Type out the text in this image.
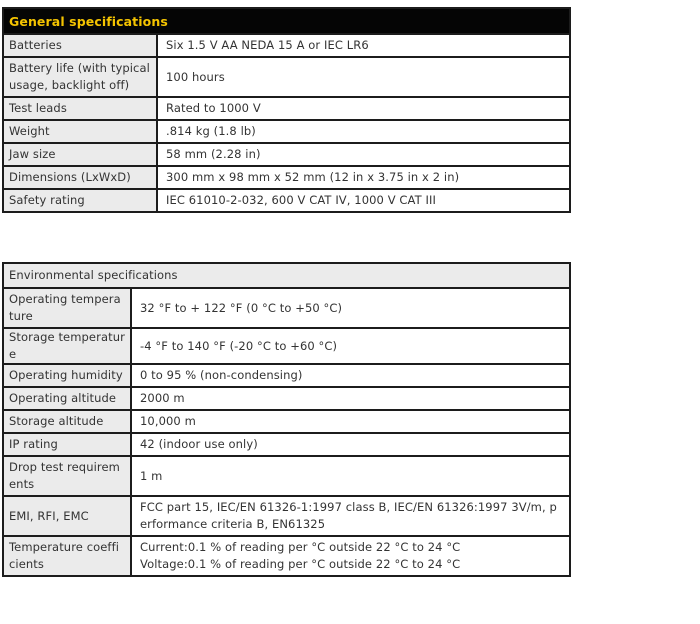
General specifications	
Batteries	Six 1.5 V AA NEDA 15 A or IEC LR6
Battery life (with typical usage, backlight off)	100 hours
Test leads	Rated to 1000 V
Weight	.814 kg (1.8 lb)
Jaw size	58 mm (2.28 in)
Dimensions (LxWxD)	300 mm x 98 mm x 52 mm (12 in x 3.75 in x 2 in)
Safety rating	IEC 61010-2-032, 600 V CAT IV, 1000 V CAT III
Environmental specifications	
Operating temperature	32 °F to + 122 °F (0 °C to +50 °C)
Storage temperature	-4 °F to 140 °F (-20 °C to +60 °C)
Operating humidity	0 to 95 % (non-condensing)
Operating altitude	2000 m
Storage altitude	10,000 m
IP rating	42 (indoor use only)
Drop test requirements	1 m
EMI, RFI, EMC	FCC part 15, IEC/EN 61326-1:1997 class B, IEC/EN 61326:1997 3V/m, performance criteria B, EN61325
Temperature coefficients	Current:0.1 % of reading per °C outside 22 °C to 24 °C
Voltage:0.1 % of reading per °C outside 22 °C to 24 °C
